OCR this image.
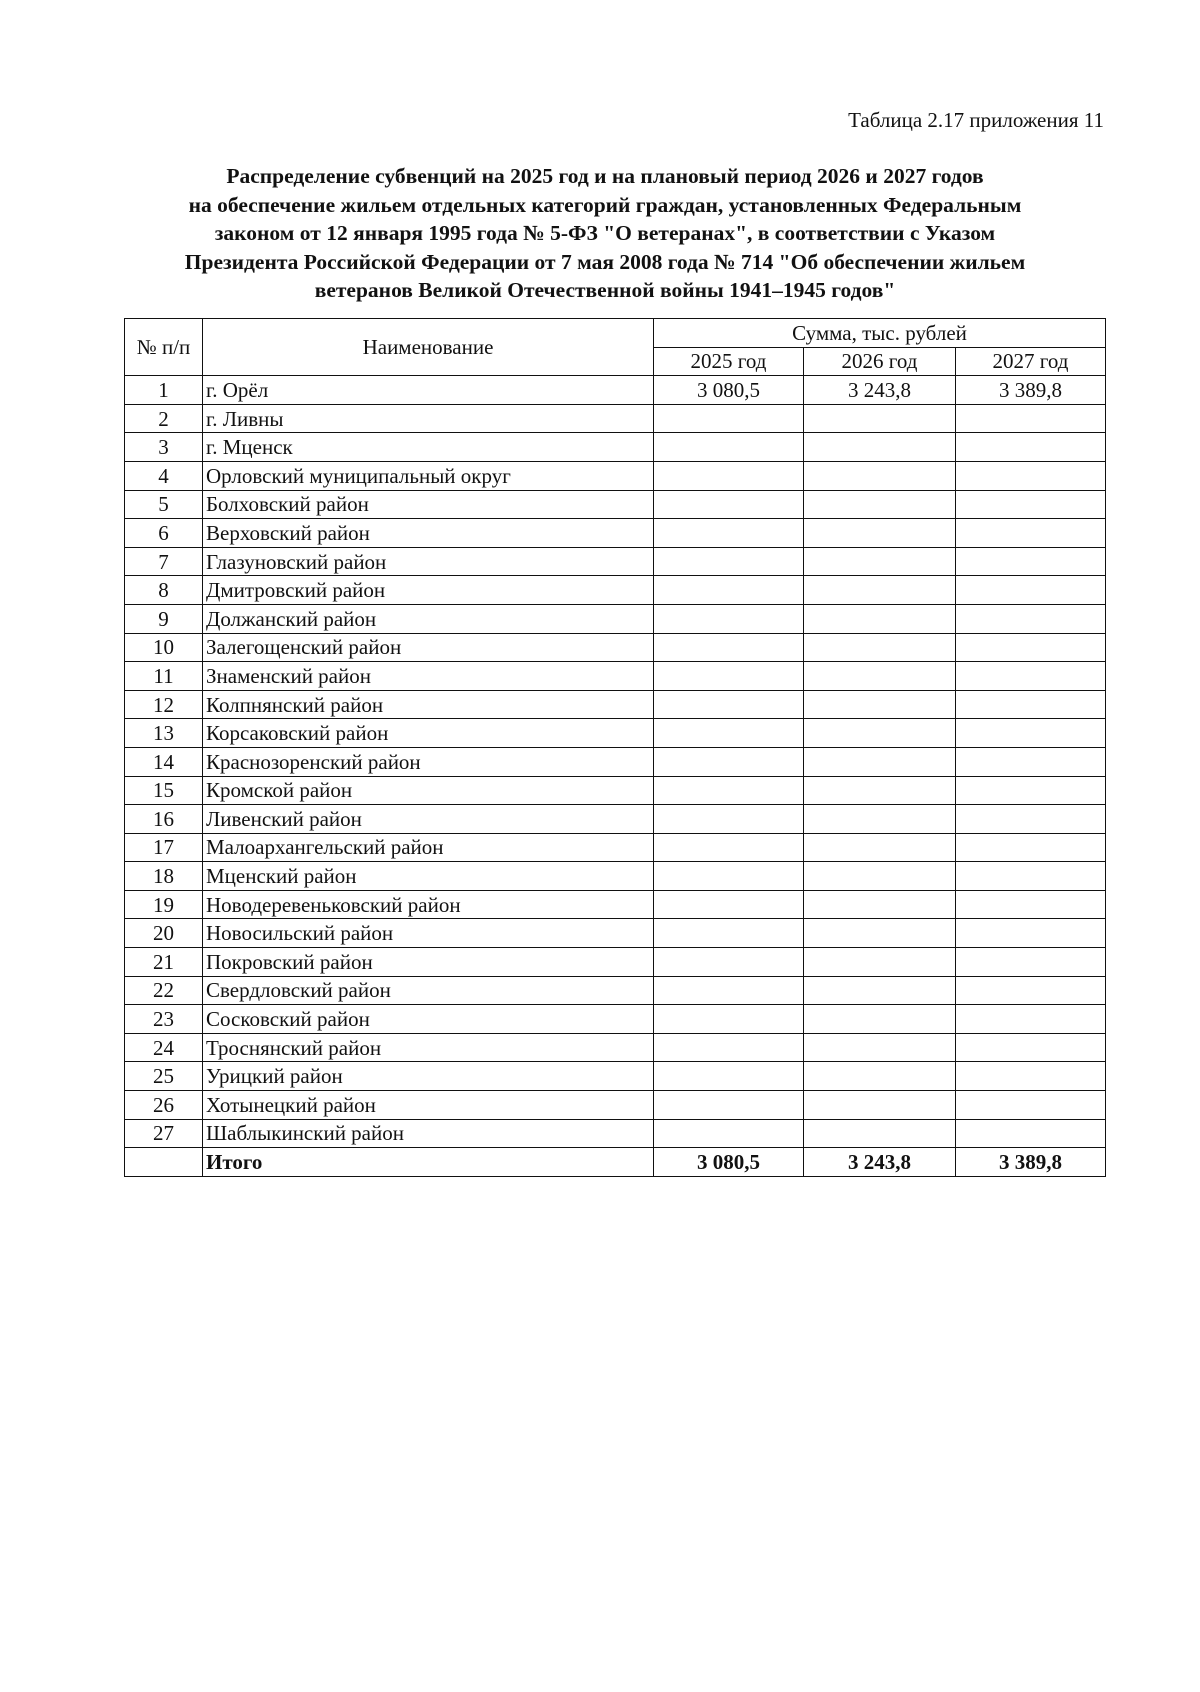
Таблица 2.17 приложения 11
Распределение субвенций на 2025 год и на плановый период 2026 и 2027 годов
на обеспечение жильем отдельных категорий граждан, установленных Федеральным
законом от 12 января 1995 года № 5-ФЗ "О ветеранах", в соответствии с Указом
Президента Российской Федерации от 7 мая 2008 года № 714 "Об обеспечении жильем
ветеранов Великой Отечественной войны 1941–1945 годов"
№ п/п	Наименование	Сумма, тыс. рублей		
		2025 год	2026 год	2027 год
1	г. Орёл	3 080,5	3 243,8	3 389,8
2	г. Ливны			
3	г. Мценск			
4	Орловский муниципальный округ			
5	Болховский район			
6	Верховский район			
7	Глазуновский район			
8	Дмитровский район			
9	Должанский район			
10	Залегощенский район			
11	Знаменский район			
12	Колпнянский район			
13	Корсаковский район			
14	Краснозоренский район			
15	Кромской район			
16	Ливенский район			
17	Малоархангельский район			
18	Мценский район			
19	Новодеревеньковский район			
20	Новосильский район			
21	Покровский район			
22	Свердловский район			
23	Сосковский район			
24	Троснянский район			
25	Урицкий район			
26	Хотынецкий район			
27	Шаблыкинский район			
	Итого	3 080,5	3 243,8	3 389,8
